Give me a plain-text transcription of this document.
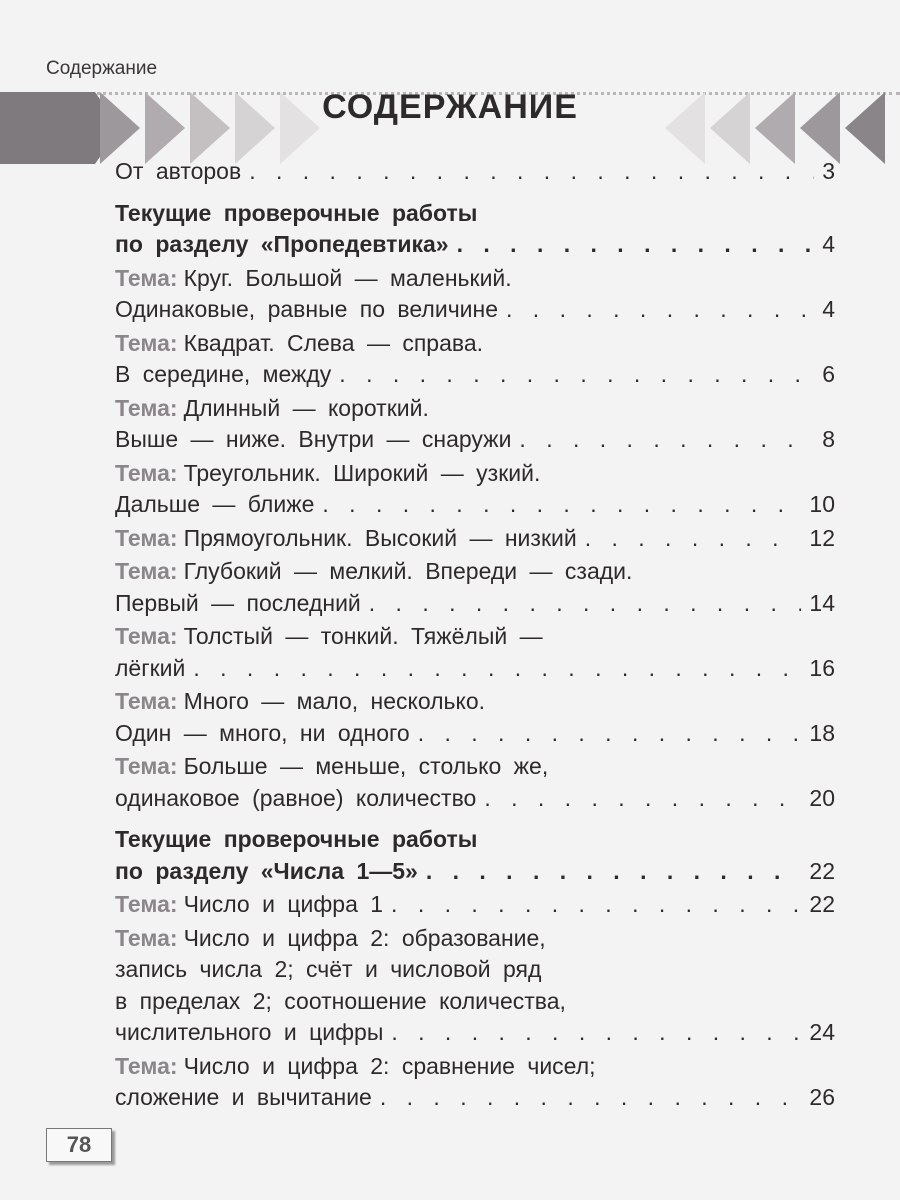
Содержание
СОДЕРЖАНИЕ
От авторов . . .	3
Текущие проверочные работы
по разделу «Пропедевтика» . . .	4
Тема: Круг. Большой — маленький.
Одинаковые, равные по величине . . .	4
Тема: Квадрат. Слева — справа.
В середине, между . . .	6
Тема: Длинный — короткий.
Выше — ниже. Внутри — снаружи . . .	8
Тема: Треугольник. Широкий — узкий.
Дальше — ближе . . .	10
Тема: Прямоугольник. Высокий — низкий . . .	12
Тема: Глубокий — мелкий. Впереди — сзади.
Первый — последний . . .	14
Тема: Толстый — тонкий. Тяжёлый —
лёгкий . . .	16
Тема: Много — мало, несколько.
Один — много, ни одного . . .	18
Тема: Больше — меньше, столько же,
одинаковое (равное) количество . . .	20
Текущие проверочные работы
по разделу «Числа 1—5» . . .	22
Тема: Число и цифра 1 . . .	22
Тема: Число и цифра 2: образование,
запись числа 2; счёт и числовой ряд
в пределах 2; соотношение количества,
числительного и цифры . . .	24
Тема: Число и цифра 2: сравнение чисел;
сложение и вычитание . . .	26
78
